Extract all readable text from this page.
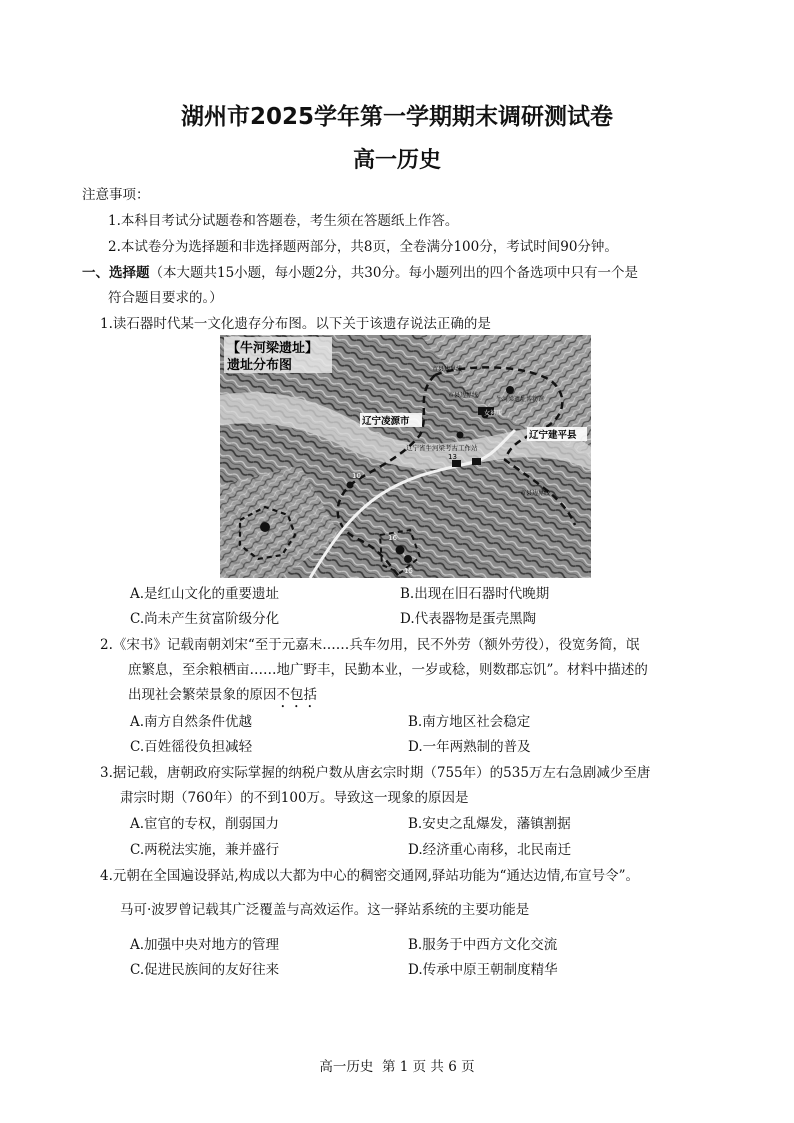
湖州市2025学年第一学期期末调研测试卷
高一历史
注意事项：
1.本科目考试分试题卷和答题卷，考生须在答题纸上作答。
2.本试卷分为选择题和非选择题两部分，共8页，全卷满分100分，考试时间90分钟。
一、选择题（本大题共15小题，每小题2分，共30分。每小题列出的四个备选项中只有一个是
符合题目要求的。）
1.读石器时代某一文化遗存分布图。以下关于该遗存说法正确的是
【牛河梁遗址】
遗址分布图
辽宁凌源市
辽宁建平县
辽宁省牛河梁考古工作站
牛河梁遗址博物馆
女神庙
市县边界线
市县边界线
市县边界线
10
13
16
15
A.是红山文化的重要遗址	B.出现在旧石器时代晚期
C.尚未产生贫富阶级分化	D.代表器物是蛋壳黑陶
2.《宋书》记载南朝刘宋“至于元嘉末……兵车勿用，民不外劳（额外劳役），役宽务简，氓
庶繁息，至余粮栖亩……地广野丰，民勤本业，一岁或稔，则数郡忘饥”。材料中描述的
出现社会繁荣景象的原因不包括
A.南方自然条件优越	B.南方地区社会稳定
C.百姓徭役负担减轻	D.一年两熟制的普及
3.据记载，唐朝政府实际掌握的纳税户数从唐玄宗时期（755年）的535万左右急剧减少至唐
肃宗时期（760年）的不到100万。导致这一现象的原因是
A.宦官的专权，削弱国力	B.安史之乱爆发，藩镇割据
C.两税法实施，兼并盛行	D.经济重心南移，北民南迁
4.元朝在全国遍设驿站,构成以大都为中心的稠密交通网,驿站功能为“通达边情,布宣号令”。
马可·波罗曾记载其广泛覆盖与高效运作。这一驿站系统的主要功能是
A.加强中央对地方的管理	B.服务于中西方文化交流
C.促进民族间的友好往来	D.传承中原王朝制度精华
高一历史  第 1 页 共 6 页
